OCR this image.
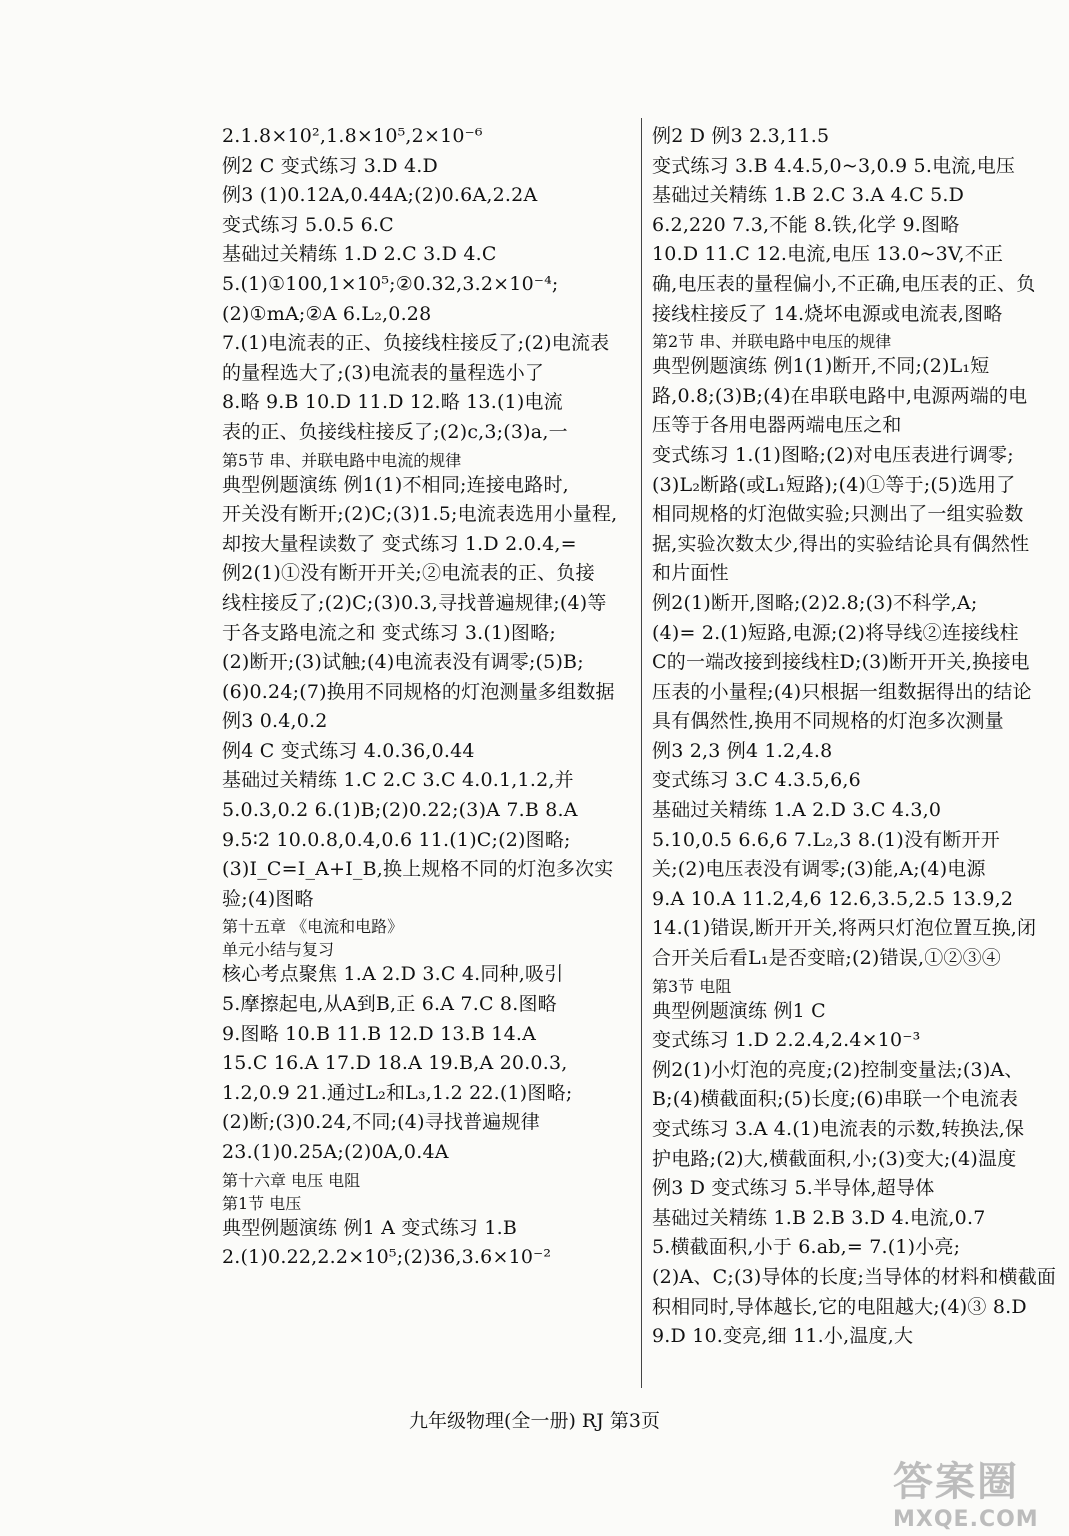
2.1.8×10²,1.8×10⁵,2×10⁻⁶
例2 C 变式练习 3.D 4.D
例3 (1)0.12A,0.44A;(2)0.6A,2.2A
变式练习 5.0.5 6.C
基础过关精练 1.D 2.C 3.D 4.C
5.(1)①100,1×10⁵;②0.32,3.2×10⁻⁴;
(2)①mA;②A 6.L₂,0.28
7.(1)电流表的正、负接线柱接反了;(2)电流表
的量程选大了;(3)电流表的量程选小了
8.略 9.B 10.D 11.D 12.略 13.(1)电流
表的正、负接线柱接反了;(2)c,3;(3)a,一
第5节 串、并联电路中电流的规律
典型例题演练 例1(1)不相同;连接电路时,
开关没有断开;(2)C;(3)1.5;电流表选用小量程,
却按大量程读数了 变式练习 1.D 2.0.4,=
例2(1)①没有断开开关;②电流表的正、负接
线柱接反了;(2)C;(3)0.3,寻找普遍规律;(4)等
于各支路电流之和 变式练习 3.(1)图略;
(2)断开;(3)试触;(4)电流表没有调零;(5)B;
(6)0.24;(7)换用不同规格的灯泡测量多组数据
例3 0.4,0.2
例4 C 变式练习 4.0.36,0.44
基础过关精练 1.C 2.C 3.C 4.0.1,1.2,并
5.0.3,0.2 6.(1)B;(2)0.22;(3)A 7.B 8.A
9.5∶2 10.0.8,0.4,0.6 11.(1)C;(2)图略;
(3)I_C=I_A+I_B,换上规格不同的灯泡多次实
验;(4)图略
第十五章 《电流和电路》
单元小结与复习
核心考点聚焦 1.A 2.D 3.C 4.同种,吸引
5.摩擦起电,从A到B,正 6.A 7.C 8.图略
9.图略 10.B 11.B 12.D 13.B 14.A
15.C 16.A 17.D 18.A 19.B,A 20.0.3,
1.2,0.9 21.通过L₂和L₃,1.2 22.(1)图略;
(2)断;(3)0.24,不同;(4)寻找普遍规律
23.(1)0.25A;(2)0A,0.4A
第十六章 电压 电阻
第1节 电压
典型例题演练 例1 A 变式练习 1.B
2.(1)0.22,2.2×10⁵;(2)36,3.6×10⁻²
例2 D 例3 2.3,11.5
变式练习 3.B 4.4.5,0~3,0.9 5.电流,电压
基础过关精练 1.B 2.C 3.A 4.C 5.D
6.2,220 7.3,不能 8.铁,化学 9.图略
10.D 11.C 12.电流,电压 13.0~3V,不正
确,电压表的量程偏小,不正确,电压表的正、负
接线柱接反了 14.烧坏电源或电流表,图略
第2节 串、并联电路中电压的规律
典型例题演练 例1(1)断开,不同;(2)L₁短
路,0.8;(3)B;(4)在串联电路中,电源两端的电
压等于各用电器两端电压之和
变式练习 1.(1)图略;(2)对电压表进行调零;
(3)L₂断路(或L₁短路);(4)①等于;(5)选用了
相同规格的灯泡做实验;只测出了一组实验数
据,实验次数太少,得出的实验结论具有偶然性
和片面性
例2(1)断开,图略;(2)2.8;(3)不科学,A;
(4)= 2.(1)短路,电源;(2)将导线②连接线柱
C的一端改接到接线柱D;(3)断开开关,换接电
压表的小量程;(4)只根据一组数据得出的结论
具有偶然性,换用不同规格的灯泡多次测量
例3 2,3 例4 1.2,4.8
变式练习 3.C 4.3.5,6,6
基础过关精练 1.A 2.D 3.C 4.3,0
5.10,0.5 6.6,6 7.L₂,3 8.(1)没有断开开
关;(2)电压表没有调零;(3)能,A;(4)电源
9.A 10.A 11.2,4,6 12.6,3.5,2.5 13.9,2
14.(1)错误,断开开关,将两只灯泡位置互换,闭
合开关后看L₁是否变暗;(2)错误,①②③④
第3节 电阻
典型例题演练 例1 C
变式练习 1.D 2.2.4,2.4×10⁻³
例2(1)小灯泡的亮度;(2)控制变量法;(3)A、
B;(4)横截面积;(5)长度;(6)串联一个电流表
变式练习 3.A 4.(1)电流表的示数,转换法,保
护电路;(2)大,横截面积,小;(3)变大;(4)温度
例3 D 变式练习 5.半导体,超导体
基础过关精练 1.B 2.B 3.D 4.电流,0.7
5.横截面积,小于 6.ab,= 7.(1)小亮;
(2)A、C;(3)导体的长度;当导体的材料和横截面
积相同时,导体越长,它的电阻越大;(4)③ 8.D
9.D 10.变亮,细 11.小,温度,大
九年级物理(全一册) RJ 第3页
答案圈
MXQE.COM
